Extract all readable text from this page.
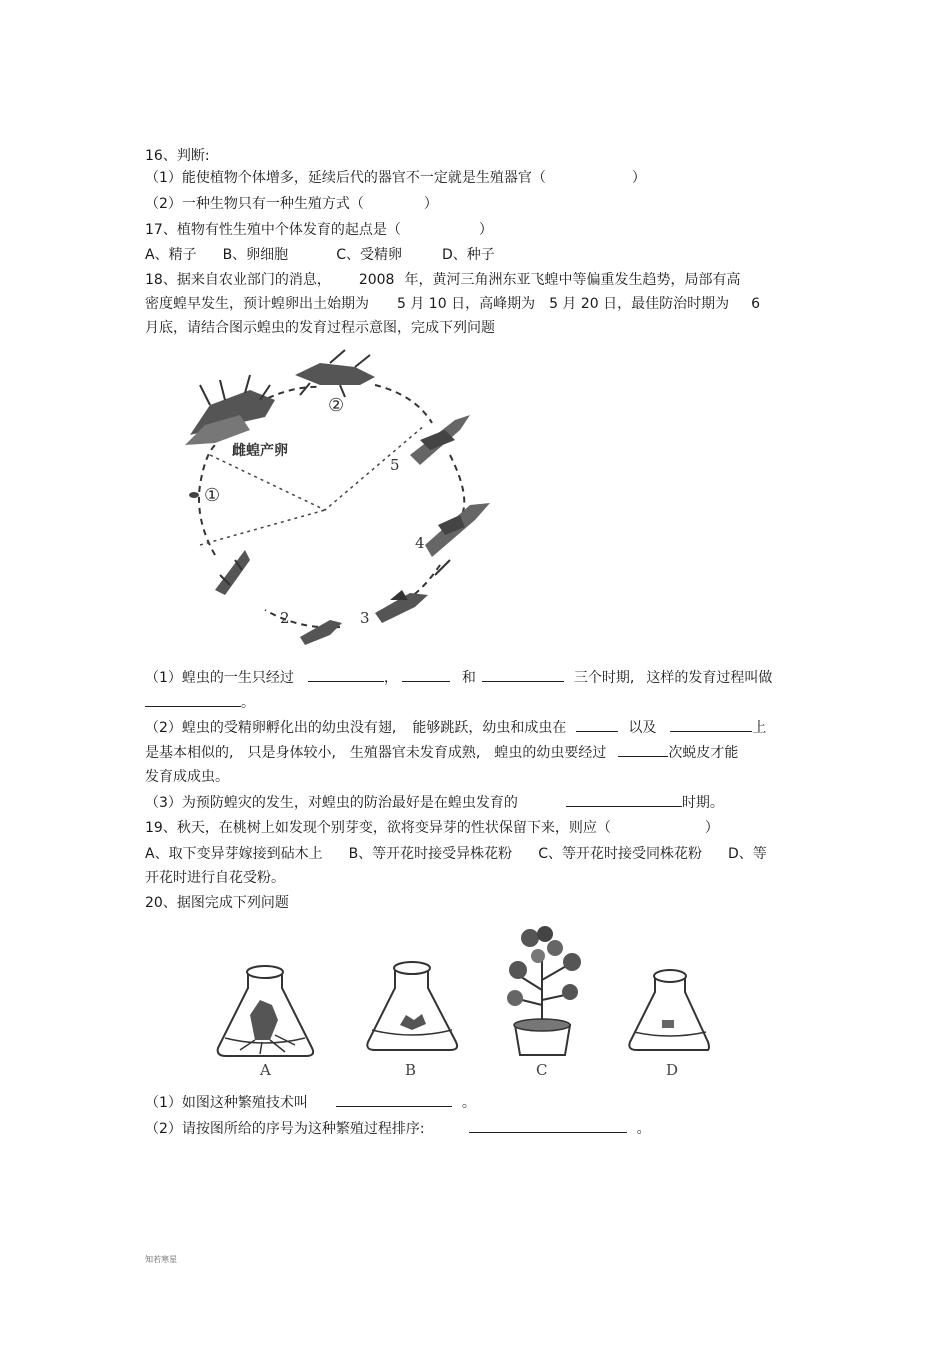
16、判断:
（1）能使植物个体增多，延续后代的器官不一定就是生殖器官（	）
（2）一种生物只有一种生殖方式（	）
17、植物有性生殖中个体发育的起点是（	）
A、精子 B、卵细胞	C、受精卵	D、种子
18、据来自农业部门的消息， 2008 年，黄河三角洲东亚飞蝗中等偏重发生趋势，局部有高
密度蝗早发生，预计蝗卵出土始期为 5 月 10 日，高峰期为 5 月 20 日，最佳防治时期为 6
月底，请结合图示蝗虫的发育过程示意图，完成下列问题
雌蝗产卵
①
②
5
4
3
2
（1）蝗虫的一生只经过	，	和	三个时期, 这样的发育过程叫做
。
（2）蝗虫的受精卵孵化出的幼虫没有翅, 能够跳跃，幼虫和成虫在	以及	上
是基本相似的, 只是身体较小, 生殖器官未发育成熟, 蝗虫的幼虫要经过	次蜕皮才能
发育成成虫。
（3）为预防蝗灾的发生，对蝗虫的防治最好是在蝗虫发育的	时期。
19、秋天，在桃树上如发现个别芽变，欲将变异芽的性状保留下来，则应（	）
A、取下变异芽嫁接到砧木上 B、等开花时接受异株花粉 C、等开花时接受同株花粉 D、等
开花时进行自花受粉。
20、据图完成下列问题
A	B	C	D
（1）如图这种繁殖技术叫	。
（2）请按图所给的序号为这种繁殖过程排序:	。
知若寒星
